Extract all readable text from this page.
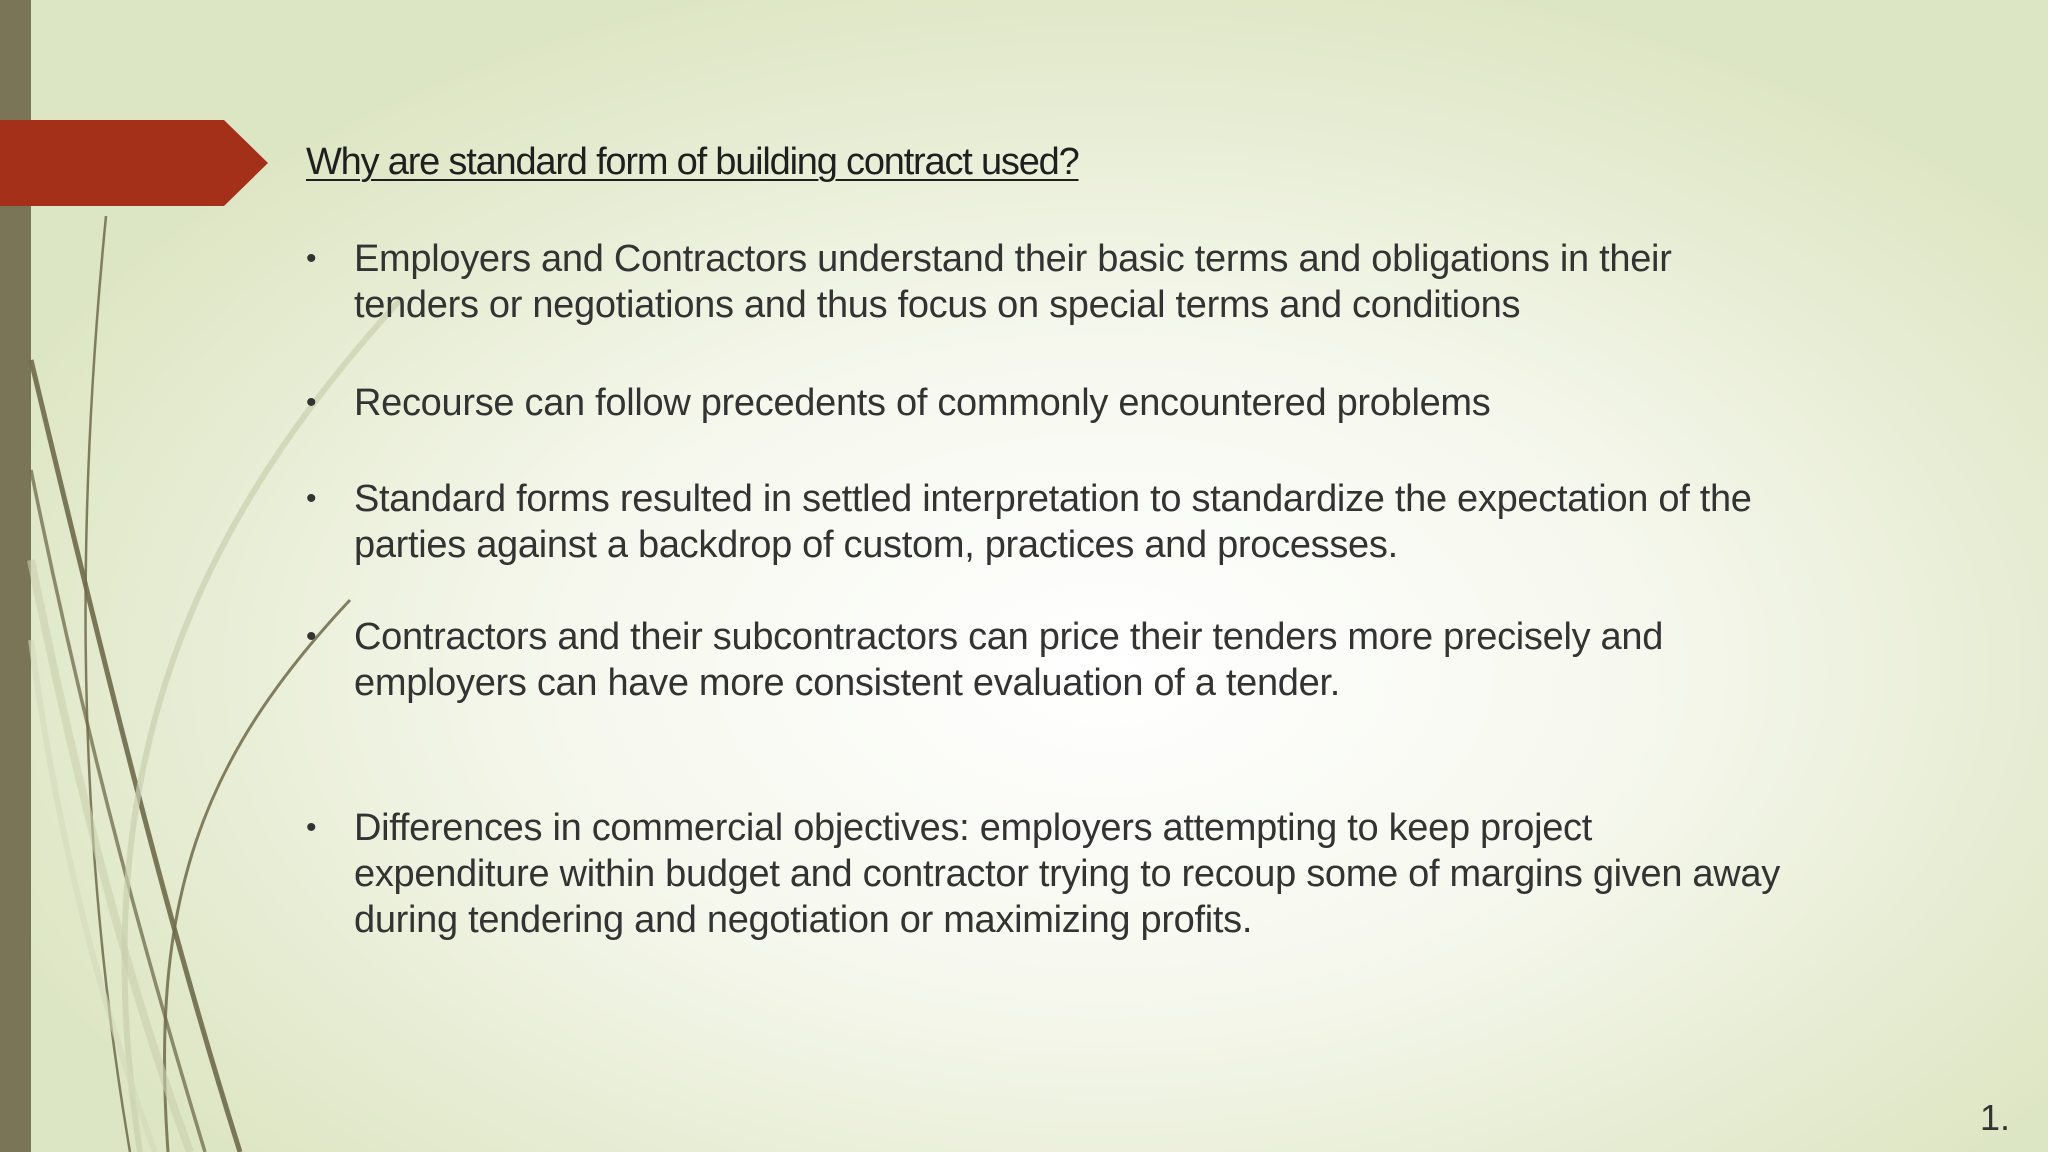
Why are standard form of building contract used?
• Employers and Contractors understand their basic terms and obligations in their tenders or negotiations and thus focus on special terms and conditions
• Recourse can follow precedents of commonly encountered problems
• Standard forms resulted in settled interpretation to standardize the expectation of the parties against a backdrop of custom, practices and processes.
• Contractors and their subcontractors can price their tenders more precisely and employers can have more consistent evaluation of a tender.
• Differences in commercial objectives: employers attempting to keep project expenditure within budget and contractor trying to recoup some of margins given away during tendering and negotiation or maximizing profits.
1.
